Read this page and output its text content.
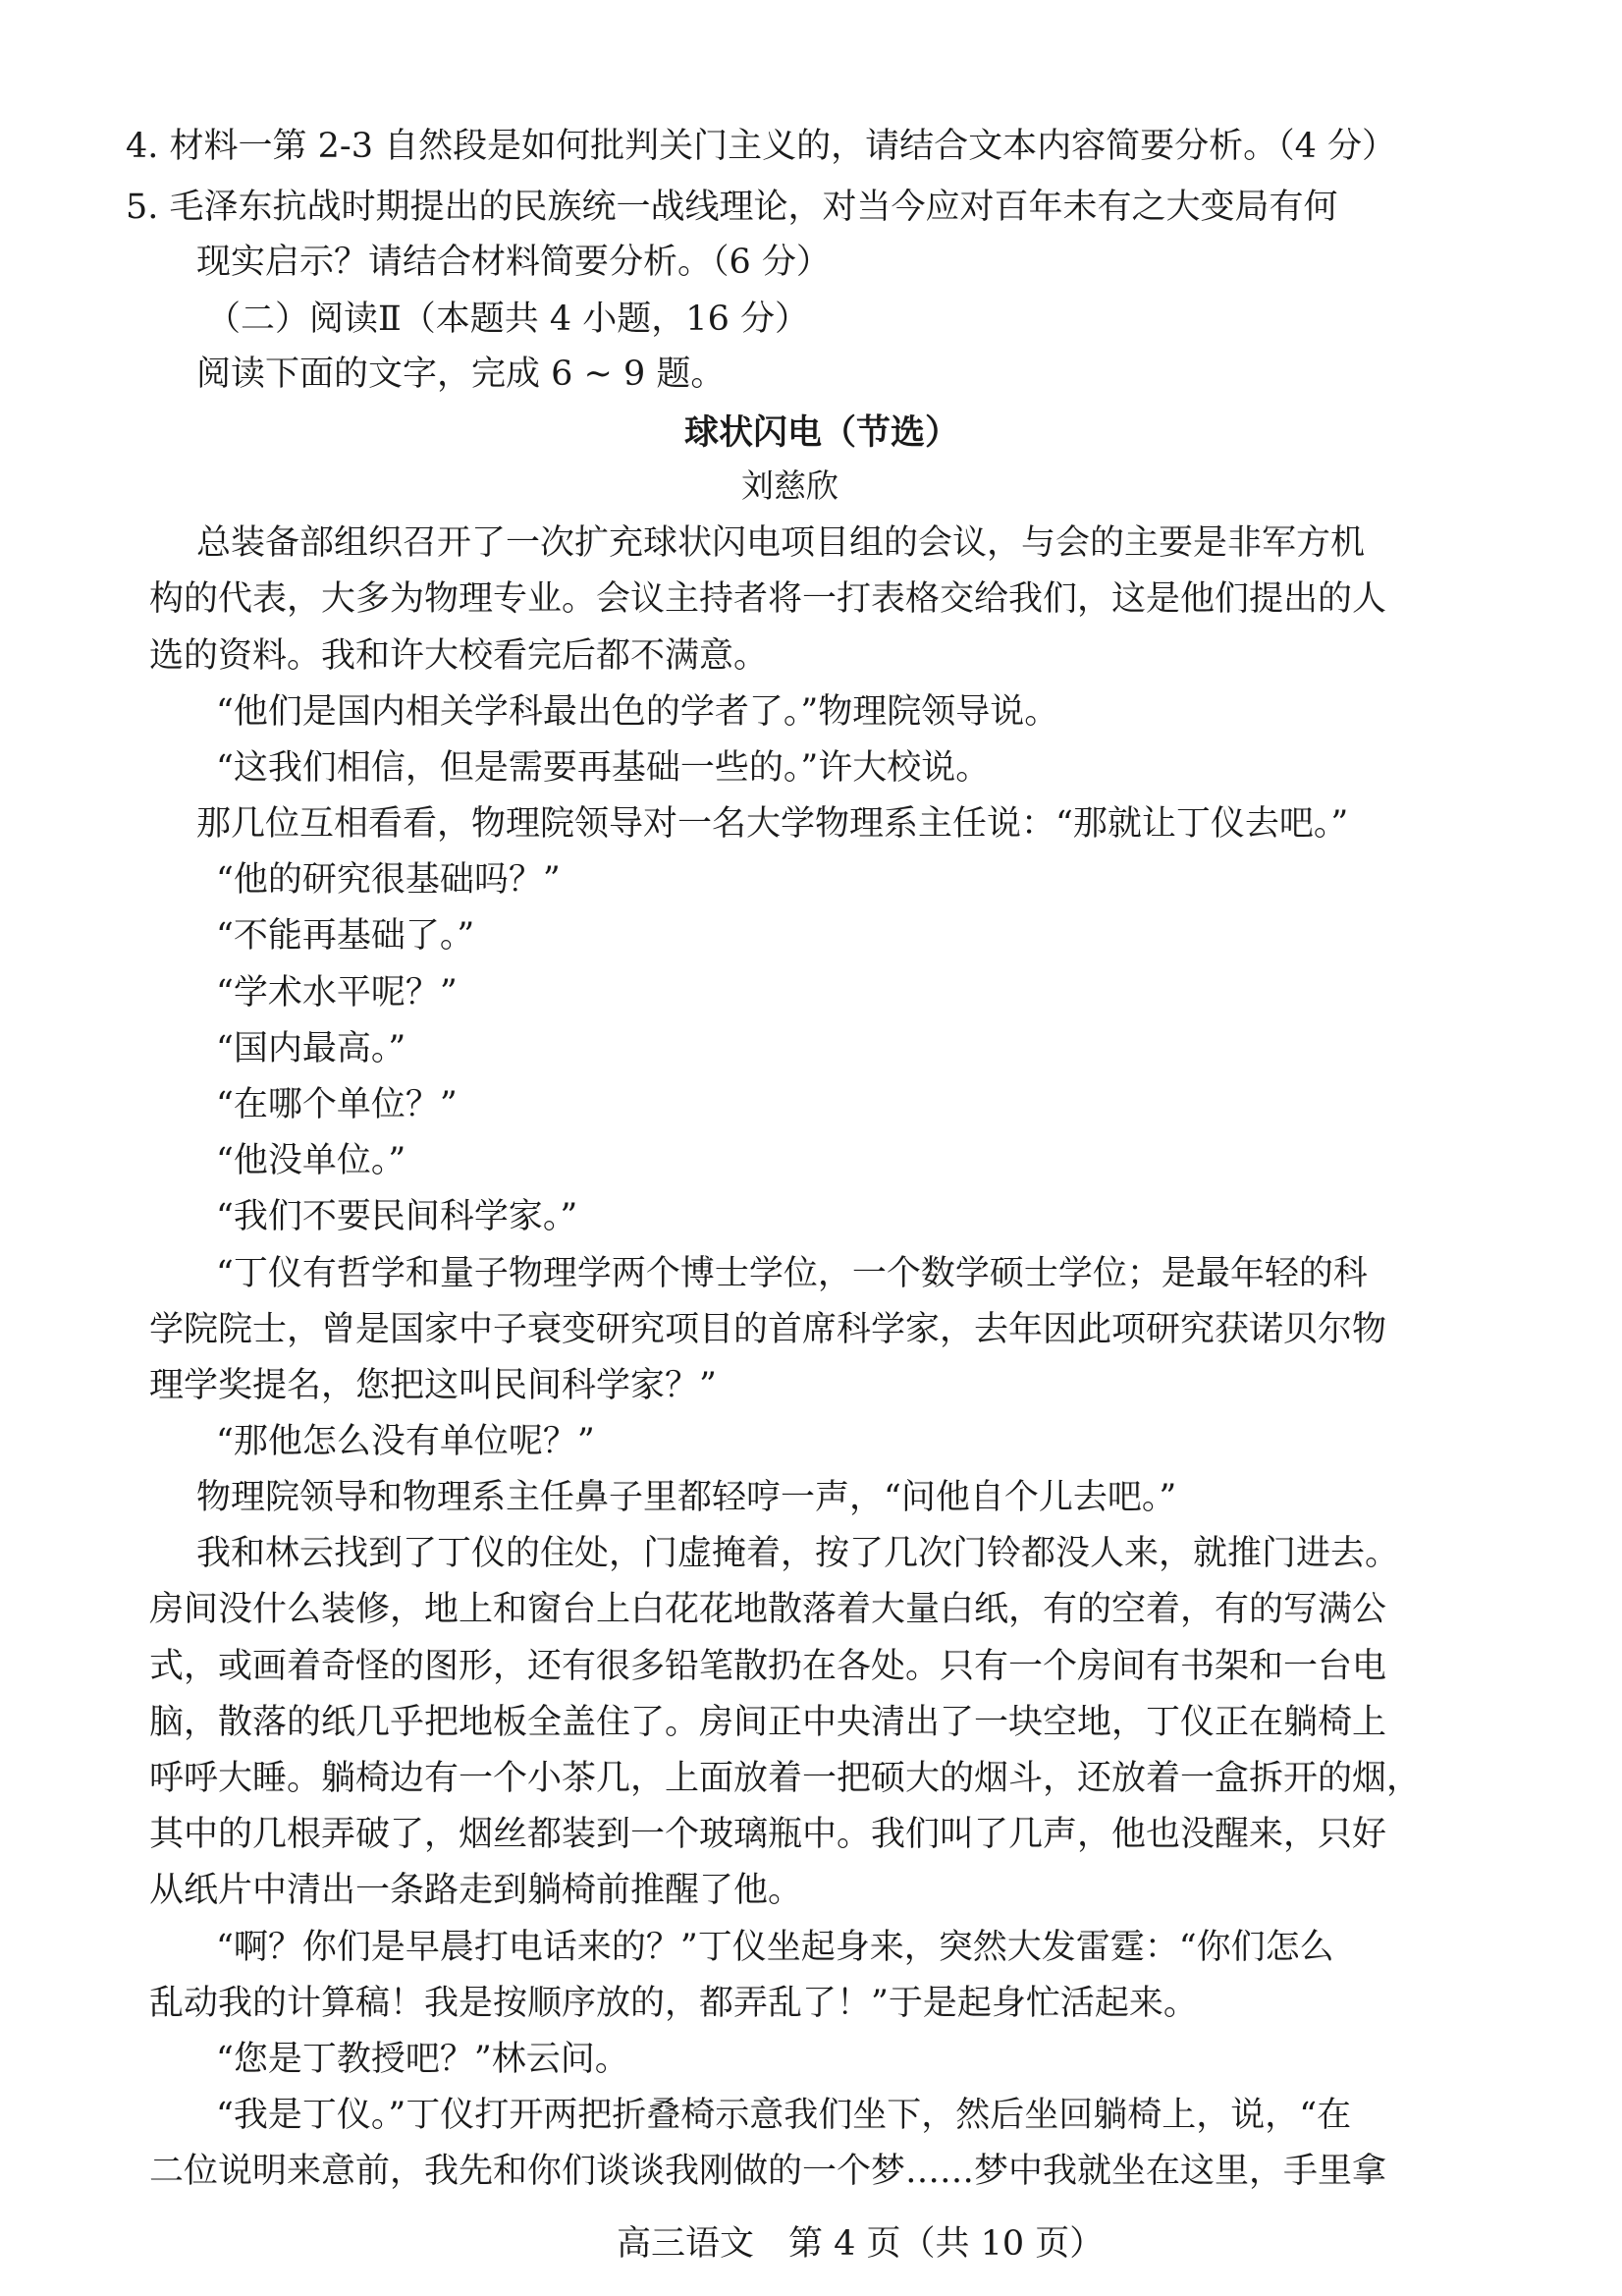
4. 材料一第 2-3 自然段是如何批判关门主义的，请结合文本内容简要分析。（4 分）
5. 毛泽东抗战时期提出的民族统一战线理论，对当今应对百年未有之大变局有何
现实启示？请结合材料简要分析。（6 分）
（二）阅读Ⅱ（本题共 4 小题，16 分）
阅读下面的文字，完成 6 ~ 9 题。
球状闪电（节选）
刘慈欣
总装备部组织召开了一次扩充球状闪电项目组的会议，与会的主要是非军方机
构的代表，大多为物理专业。会议主持者将一打表格交给我们，这是他们提出的人
选的资料。我和许大校看完后都不满意。
“他们是国内相关学科最出色的学者了。”物理院领导说。
“这我们相信，但是需要再基础一些的。”许大校说。
那几位互相看看，物理院领导对一名大学物理系主任说：“那就让丁仪去吧。”
“他的研究很基础吗？”
“不能再基础了。”
“学术水平呢？”
“国内最高。”
“在哪个单位？”
“他没单位。”
“我们不要民间科学家。”
“丁仪有哲学和量子物理学两个博士学位，一个数学硕士学位；是最年轻的科
学院院士，曾是国家中子衰变研究项目的首席科学家，去年因此项研究获诺贝尔物
理学奖提名，您把这叫民间科学家？”
“那他怎么没有单位呢？”
物理院领导和物理系主任鼻子里都轻哼一声，“问他自个儿去吧。”
我和林云找到了丁仪的住处，门虚掩着，按了几次门铃都没人来，就推门进去。
房间没什么装修，地上和窗台上白花花地散落着大量白纸，有的空着，有的写满公
式，或画着奇怪的图形，还有很多铅笔散扔在各处。只有一个房间有书架和一台电
脑，散落的纸几乎把地板全盖住了。房间正中央清出了一块空地，丁仪正在躺椅上
呼呼大睡。躺椅边有一个小茶几，上面放着一把硕大的烟斗，还放着一盒拆开的烟，
其中的几根弄破了，烟丝都装到一个玻璃瓶中。我们叫了几声，他也没醒来，只好
从纸片中清出一条路走到躺椅前推醒了他。
“啊？你们是早晨打电话来的？”丁仪坐起身来，突然大发雷霆：“你们怎么
乱动我的计算稿！我是按顺序放的，都弄乱了！”于是起身忙活起来。
“您是丁教授吧？”林云问。
“我是丁仪。”丁仪打开两把折叠椅示意我们坐下，然后坐回躺椅上，说，“在
二位说明来意前，我先和你们谈谈我刚做的一个梦……梦中我就坐在这里，手里拿
高三语文　第 4 页（共 10 页）
